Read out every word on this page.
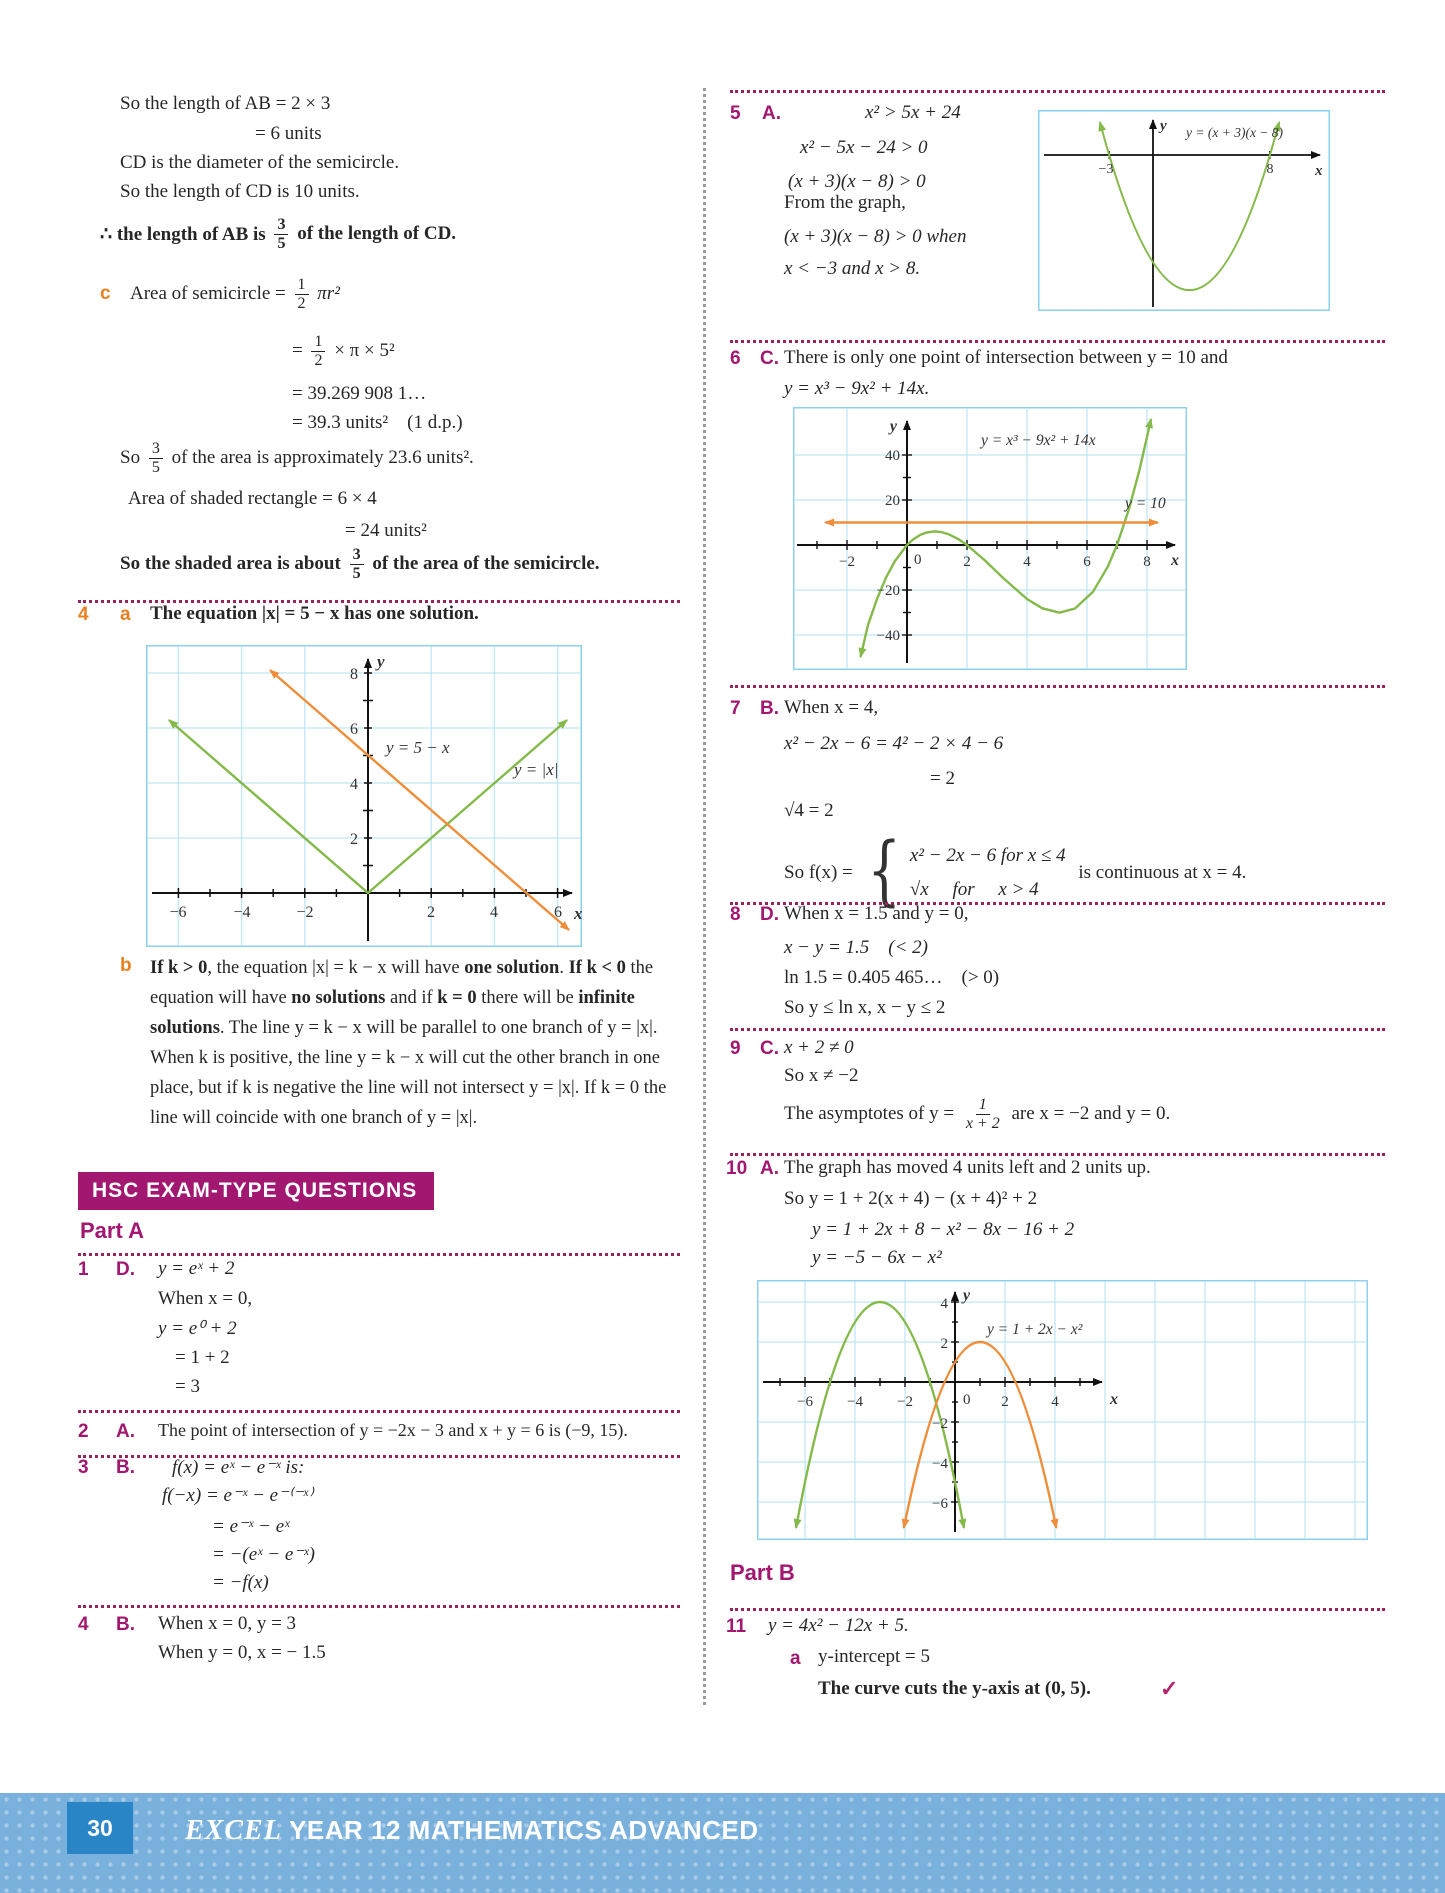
So the length of AB = 2 × 3
= 6 units
CD is the diameter of the semicircle.
So the length of CD is 10 units.
∴ the length of AB is $\frac{3}{5}$ of the length of CD.
c Area of semicircle = $\frac{1}{2} \pi r^2$
= $\frac{1}{2} \times \pi \times 5^2$
= 39.269 908 1…
= 39.3 units²    (1 d.p.)
So $\frac{3}{5}$ of the area is approximately 23.6 units².
Area of shaded rectangle = 6 × 4
= 24 units²
So the shaded area is about $\frac{3}{5}$ of the area of the semicircle.
4 a The equation |x| = 5 − x has one solution.
y = 5 − x
y = |x|
−6	−4	−2	2	4	6
2
4
6
8
x
y
b If k > 0, the equation |x| = k − x will have one solution. If k < 0 the equation will have no solutions and if k = 0 there will be infinite solutions. The line y = k − x will be parallel to one branch of y = |x|. When k is positive, the line y = k − x will cut the other branch in one place, but if k is negative the line will not intersect y = |x|. If k = 0 the line will coincide with one branch of y = |x|.
HSC EXAM-TYPE QUESTIONS
Part A
1 D. y = eˣ + 2
When x = 0,
y = e⁰ + 2
= 1 + 2
= 3
2 A. The point of intersection of y = −2x − 3 and x + y = 6 is (−9, 15).
3 B. f(x) = eˣ − e⁻ˣ is:
f(−x) = e⁻ˣ − e⁻⁽⁻ˣ⁾
= e⁻ˣ − eˣ
= −(eˣ − e⁻ˣ)
= −f(x)
4 B. When x = 0, y = 3
When y = 0, x = − 1.5
5 A.	x² > 5x + 24
x² − 5x − 24 > 0
(x + 3)(x − 8) > 0
From the graph,
(x + 3)(x − 8) > 0 when
x < −3 and x > 8.
y = (x + 3)(x − 8)
−3	8	x
y
6 C. There is only one point of intersection between y = 10 and
y = x³ − 9x² + 14x.
y = x³ − 9x² + 14x
y = 10
0
−2	2	4	6	8
40
20
−20
−40
x
y
7 B. When x = 4,
x² − 2x − 6 = 4² − 2 × 4 − 6
= 2
√4 = 2
So f(x) = { x² − 2x − 6 for x ≤ 4
√x     for     x > 4
is continuous at x = 4.
8 D. When x = 1.5 and y = 0,
x − y = 1.5    (< 2)
ln 1.5 = 0.405 465…    (> 0)
So y ≤ ln x, x − y ≤ 2
9 C. x + 2 ≠ 0
So x ≠ −2
The asymptotes of $y = \frac{1}{x + 2}$ are x = −2 and y = 0.
10 A. The graph has moved 4 units left and 2 units up.
So y = 1 + 2(x + 4) − (x + 4)² + 2
y = 1 + 2x + 8 − x² − 8x − 16 + 2
y = −5 − 6x − x²
y = 1 + 2x − x²
0
−6 −4 −2	2	4
4
2
−2
−4
−6
x
y
Part B
11 y = 4x² − 12x + 5.
a y-intercept = 5
The curve cuts the y-axis at (0, 5).	✓
30	EXCEL YEAR 12 MATHEMATICS ADVANCED
